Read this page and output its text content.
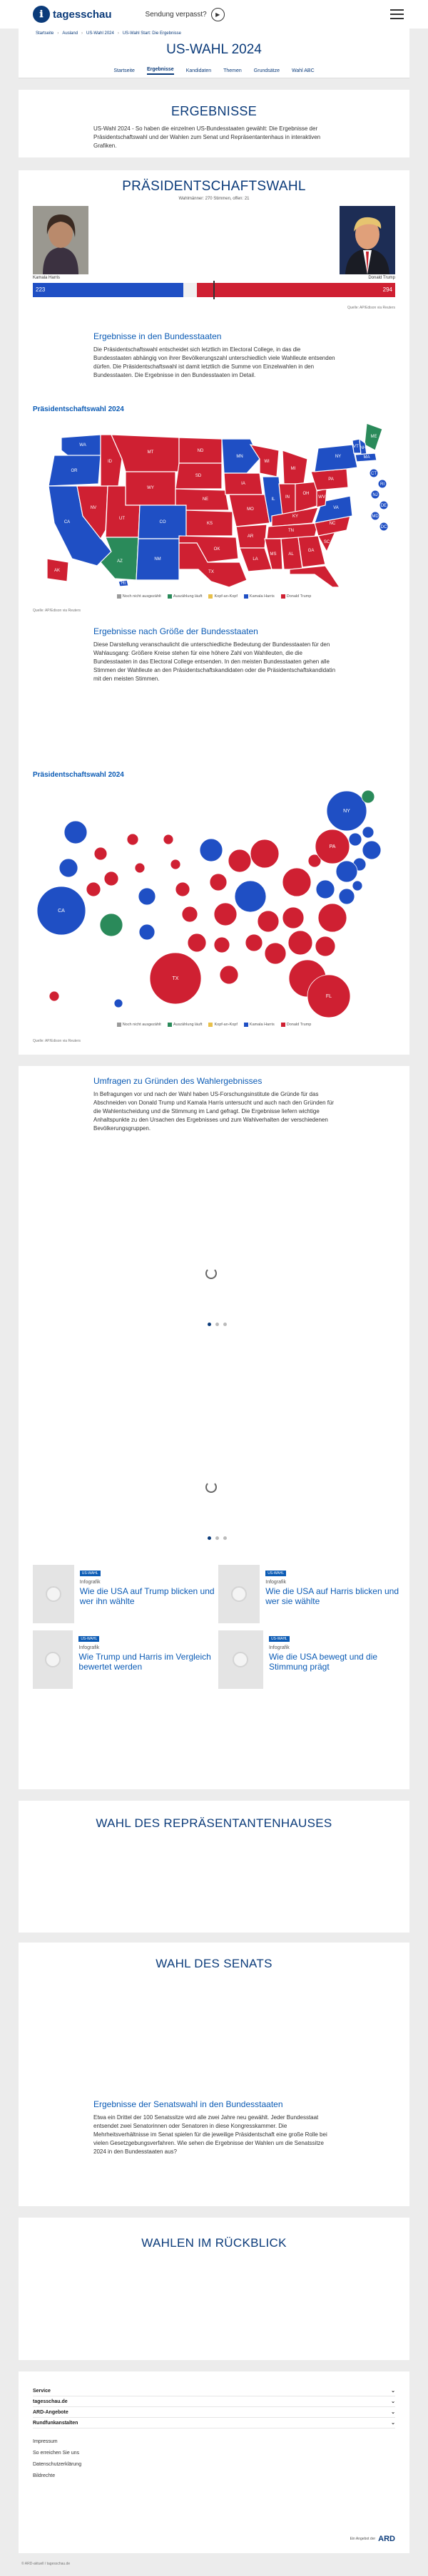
ℹ tagesschau	Sendung verpasst?	▶
Startseite › Ausland › US-Wahl 2024 › US-Wahl Start: Die Ergebnisse
US-WAHL 2024
Startseite Ergebnisse Kandidaten Themen Grundsätze Wahl ABC
ERGEBNISSE
US-Wahl 2024 - So haben die einzelnen US-Bundesstaaten gewählt: Die Ergebnisse der Präsidentschaftswahl und der Wahlen zum Senat und Repräsentantenhaus in interaktiven Grafiken.
PRÄSIDENTSCHAFTSWAHL
Wahlmänner: 270 Stimmen, offen: 21
Kamala Harris	Donald Trump
223	294
Quelle: AP/Edison via Reuters
Ergebnisse in den Bundesstaaten
Die Präsidentschaftswahl entscheidet sich letztlich im Electoral College, in das die Bundesstaaten abhängig von ihrer Bevölkerungszahl unterschiedlich viele Wahlleute entsenden dürfen. Die Präsidentschaftswahl ist damit letztlich die Summe von Einzelwahlen in den Bundesstaaten. Die Ergebnisse in den Bundesstaaten im Detail.
Präsidentschaftswahl 2024
WA
OR
CA
NV
ID
MT
WY
UT
AZ
CO
NM
ND
SD
NE
KS
OK
TX
MN
IA
MO
AR
LA
WI
IL
MI
IN
OH
KY
TN
MS	AL
GA
FL
SC
NC
VA
WV
PA
NY
ME
VT NH
MA
CT
RI
NJ
DE
MD
DC
AK
HI
Noch nicht ausgezählt	Auszählung läuft	Kopf-an-Kopf	Kamala Harris	Donald Trump
Quelle: AP/Edison via Reuters
Ergebnisse nach Größe der Bundesstaaten
Diese Darstellung veranschaulicht die unterschiedliche Bedeutung der Bundesstaaten für den Wahlausgang: Größere Kreise stehen für eine höhere Zahl von Wahlleuten, die die Bundesstaaten in das Electoral College entsenden. In den meisten Bundesstaaten gehen alle Stimmen der Wahlleute an den Präsidentschaftskandidaten oder die Präsidentschaftskandidatin mit den meisten Stimmen.
Präsidentschaftswahl 2024
CA
TX
FL
NY
PA
Noch nicht ausgezählt	Auszählung läuft	Kopf-an-Kopf	Kamala Harris	Donald Trump
Quelle: AP/Edison via Reuters
Umfragen zu Gründen des Wahlergebnisses
In Befragungen vor und nach der Wahl haben US-Forschungsinstitute die Gründe für das Abschneiden von Donald Trump und Kamala Harris untersucht und auch nach den Gründen für die Wahlentscheidung und die Stimmung im Land gefragt. Die Ergebnisse liefern wichtige Anhaltspunkte zu den Ursachen des Ergebnisses und zum Wahlverhalten der verschiedenen Bevölkerungsgruppen.
US-WAHL
Infografik
Wie die USA auf Trump blicken und wer ihn wählte
US-WAHL
Infografik
Wie die USA auf Harris blicken und wer sie wählte
US-WAHL
Infografik
Wie Trump und Harris im Vergleich bewertet werden
US-WAHL
Infografik
Wie die USA bewegt und die Stimmung prägt
WAHL DES REPRÄSENTANTENHAUSES
WAHL DES SENATS
Ergebnisse der Senatswahl in den Bundesstaaten
Etwa ein Drittel der 100 Senatssitze wird alle zwei Jahre neu gewählt. Jeder Bundesstaat entsendet zwei Senatorinnen oder Senatoren in diese Kongresskammer. Die Mehrheitsverhältnisse im Senat spielen für die jeweilige Präsidentschaft eine große Rolle bei vielen Gesetzgebungsverfahren. Wie sehen die Ergebnisse der Wahlen um die Senatssitze 2024 in den Bundesstaaten aus?
WAHLEN IM RÜCKBLICK
Service	⌄
tagesschau.de	⌄
ARD-Angebote	⌄
Rundfunkanstalten	⌄
Impressum
So erreichen Sie uns
Datenschutzerklärung
Bildrechte
Ein Angebot der ARD
© ARD-aktuell / tagesschau.de
